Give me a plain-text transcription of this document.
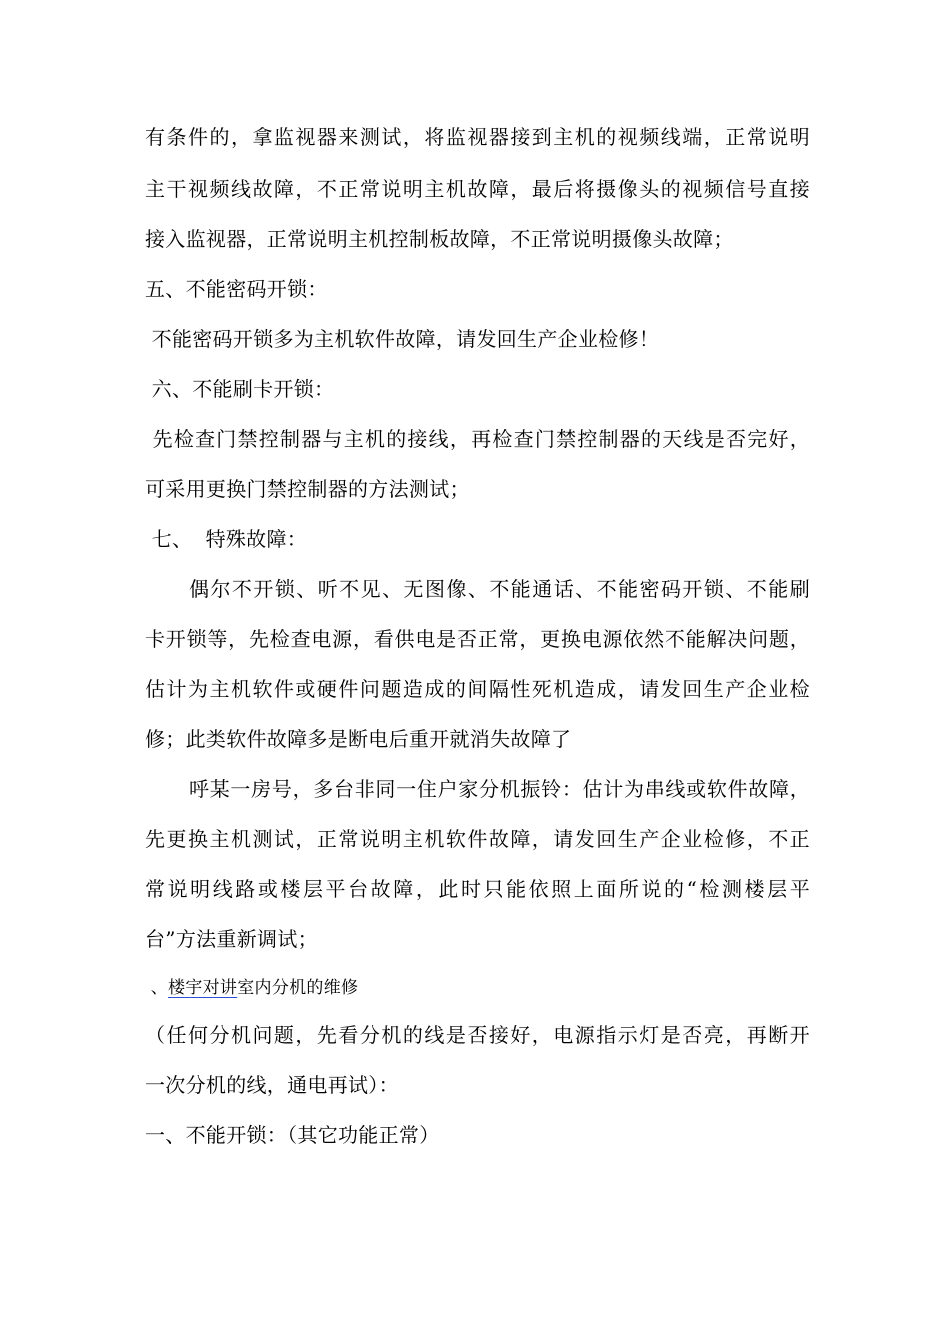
有条件的，拿监视器来测试，将监视器接到主机的视频线端，正常说明
主干视频线故障，不正常说明主机故障，最后将摄像头的视频信号直接
接入监视器，正常说明主机控制板故障，不正常说明摄像头故障；
五、不能密码开锁：
不能密码开锁多为主机软件故障，请发回生产企业检修！
六、不能刷卡开锁：
先检查门禁控制器与主机的接线，再检查门禁控制器的天线是否完好，
可采用更换门禁控制器的方法测试；
七、  特殊故障：
偶尔不开锁、听不见、无图像、不能通话、不能密码开锁、不能刷
卡开锁等，先检查电源，看供电是否正常，更换电源依然不能解决问题，
估计为主机软件或硬件问题造成的间隔性死机造成，请发回生产企业检
修；此类软件故障多是断电后重开就消失故障了
呼某一房号，多台非同一住户家分机振铃：估计为串线或软件故障，
先更换主机测试，正常说明主机软件故障，请发回生产企业检修，不正
常说明线路或楼层平台故障，此时只能依照上面所说的“检测楼层平
台”方法重新调试；
、楼宇对讲室内分机的维修
（任何分机问题，先看分机的线是否接好，电源指示灯是否亮，再断开
一次分机的线，通电再试）：
一、不能开锁：（其它功能正常）
